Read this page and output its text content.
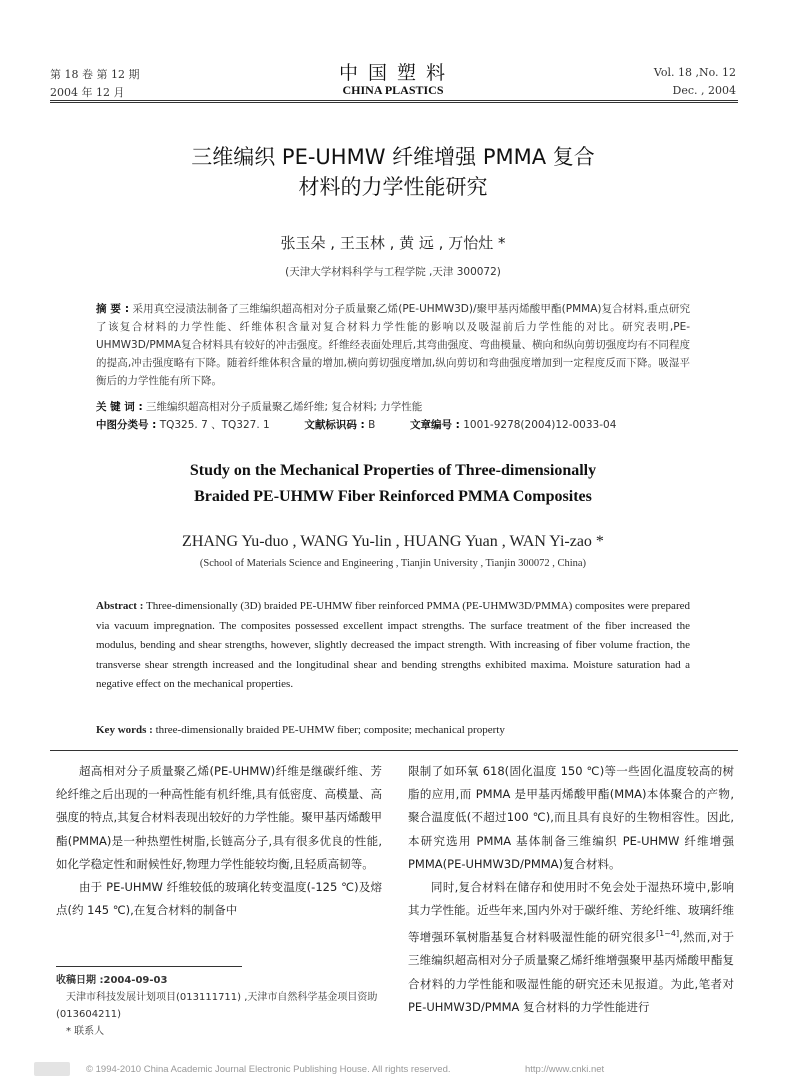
第 18 卷 第 12 期
2004 年 12 月
中 国 塑 料
CHINA PLASTICS
Vol. 18 ,No. 12
Dec. , 2004
三维编织 PE-UHMW 纤维增强 PMMA 复合
材料的力学性能研究
张玉朵 , 王玉林 , 黄 远 , 万怡灶 *
(天津大学材料科学与工程学院 ,天津 300072)
摘 要 : 采用真空浸渍法制备了三维编织超高相对分子质量聚乙烯(PE-UHMW3D)/聚甲基丙烯酸甲酯(PMMA)复合材料,重点研究了该复合材料的力学性能、纤维体积含量对复合材料力学性能的影响以及吸湿前后力学性能的对比。研究表明,PE-UHMW3D/PMMA复合材料具有较好的冲击强度。纤维经表面处理后,其弯曲强度、弯曲模量、横向和纵向剪切强度均有不同程度的提高,冲击强度略有下降。随着纤维体积含量的增加,横向剪切强度增加,纵向剪切和弯曲强度增加到一定程度反而下降。吸湿平衡后的力学性能有所下降。
关 键 词 : 三维编织超高相对分子质量聚乙烯纤维; 复合材料; 力学性能
中图分类号 : TQ325. 7 、TQ327. 1	文献标识码 : B	文章编号 : 1001-9278(2004)12-0033-04
Study on the Mechanical Properties of Three-dimensionally
Braided PE-UHMW Fiber Reinforced PMMA Composites
ZHANG Yu-duo , WANG Yu-lin , HUANG Yuan , WAN Yi-zao *
(School of Materials Science and Engineering , Tianjin University , Tianjin 300072 , China)
Abstract : Three-dimensionally (3D) braided PE-UHMW fiber reinforced PMMA (PE-UHMW3D/PMMA) composites were prepared via vacuum impregnation. The composites possessed excellent impact strengths. The surface treatment of the fiber increased the modulus, bending and shear strengths, however, slightly decreased the impact strength. With increasing of fiber volume fraction, the transverse shear strength increased and the longitudinal shear and bending strengths exhibited maxima. Moisture saturation had a negative effect on the mechanical properties.
Key words : three-dimensionally braided PE-UHMW fiber; composite; mechanical property

超高相对分子质量聚乙烯(PE-UHMW)纤维是继碳纤维、芳纶纤维之后出现的一种高性能有机纤维,具有低密度、高模量、高强度的特点,其复合材料表现出较好的力学性能。聚甲基丙烯酸甲酯(PMMA)是一种热塑性树脂,长链高分子,具有很多优良的性能,如化学稳定性和耐候性好,物理力学性能较均衡,且轻质高韧等。

由于 PE-UHMW 纤维较低的玻璃化转变温度(-125 ℃)及熔点(约 145 ℃),在复合材料的制备中

收稿日期 :2004-09-03
天津市科技发展计划项目(013111711) ,天津市自然科学基金项目资助(013604211)
* 联系人

限制了如环氧 618(固化温度 150 ℃)等一些固化温度较高的树脂的应用,而 PMMA 是甲基丙烯酸甲酯(MMA)本体聚合的产物,聚合温度低(不超过100 ℃),而且具有良好的生物相容性。因此,本研究选用 PMMA 基体制备三维编织 PE-UHMW 纤维增强 PMMA(PE-UHMW3D/PMMA)复合材料。

同时,复合材料在储存和使用时不免会处于湿热环境中,影响其力学性能。近些年来,国内外对于碳纤维、芳纶纤维、玻璃纤维等增强环氧树脂基复合材料吸湿性能的研究很多[1~4],然而,对于三维编织超高相对分子质量聚乙烯纤维增强聚甲基丙烯酸甲酯复合材料的力学性能和吸湿性能的研究还未见报道。为此,笔者对 PE-UHMW3D/PMMA 复合材料的力学性能进行

© 1994-2010 China Academic Journal Electronic Publishing House. All rights reserved.	http://www.cnki.net
